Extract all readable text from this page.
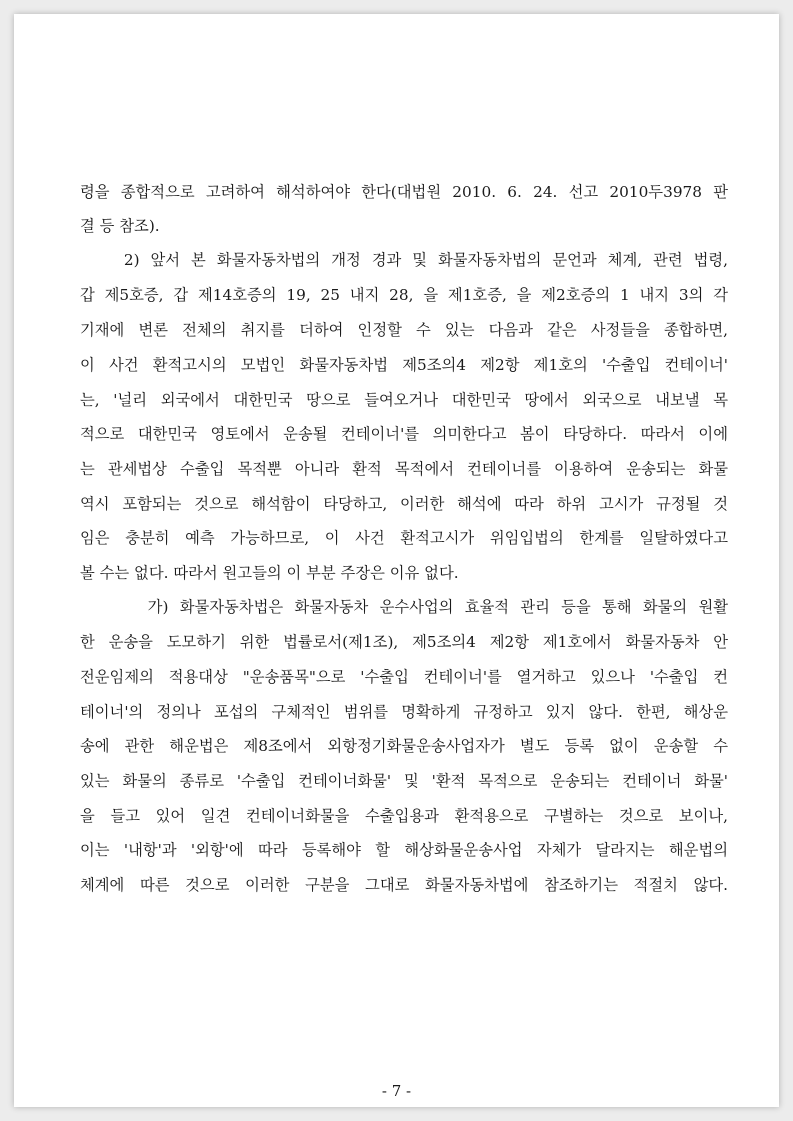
령을 종합적으로 고려하여 해석하여야 한다(대법원 2010. 6. 24. 선고 2010두3978 판
결 등 참조).
2) 앞서 본 화물자동차법의 개정 경과 및 화물자동차법의 문언과 체계, 관련 법령,
갑 제5호증, 갑 제14호증의 19, 25 내지 28, 을 제1호증, 을 제2호증의 1 내지 3의 각
기재에 변론 전체의 취지를 더하여 인정할 수 있는 다음과 같은 사정들을 종합하면,
이 사건 환적고시의 모법인 화물자동차법 제5조의4 제2항 제1호의 '수출입 컨테이너'
는, '널리 외국에서 대한민국 땅으로 들여오거나 대한민국 땅에서 외국으로 내보낼 목
적으로 대한민국 영토에서 운송될 컨테이너'를 의미한다고 봄이 타당하다. 따라서 이에
는 관세법상 수출입 목적뿐 아니라 환적 목적에서 컨테이너를 이용하여 운송되는 화물
역시 포함되는 것으로 해석함이 타당하고, 이러한 해석에 따라 하위 고시가 규정될 것
임은 충분히 예측 가능하므로, 이 사건 환적고시가 위임입법의 한계를 일탈하였다고
볼 수는 없다. 따라서 원고들의 이 부분 주장은 이유 없다.
가) 화물자동차법은 화물자동차 운수사업의 효율적 관리 등을 통해 화물의 원활
한 운송을 도모하기 위한 법률로서(제1조), 제5조의4 제2항 제1호에서 화물자동차 안
전운임제의 적용대상 "운송품목"으로 '수출입 컨테이너'를 열거하고 있으나 '수출입 컨
테이너'의 정의나 포섭의 구체적인 범위를 명확하게 규정하고 있지 않다. 한편, 해상운
송에 관한 해운법은 제8조에서 외항정기화물운송사업자가 별도 등록 없이 운송할 수
있는 화물의 종류로 '수출입 컨테이너화물' 및 '환적 목적으로 운송되는 컨테이너 화물'
을 들고 있어 일견 컨테이너화물을 수출입용과 환적용으로 구별하는 것으로 보이나,
이는 '내항'과 '외항'에 따라 등록해야 할 해상화물운송사업 자체가 달라지는 해운법의
체계에 따른 것으로 이러한 구분을 그대로 화물자동차법에 참조하기는 적절치 않다.
- 7 -
